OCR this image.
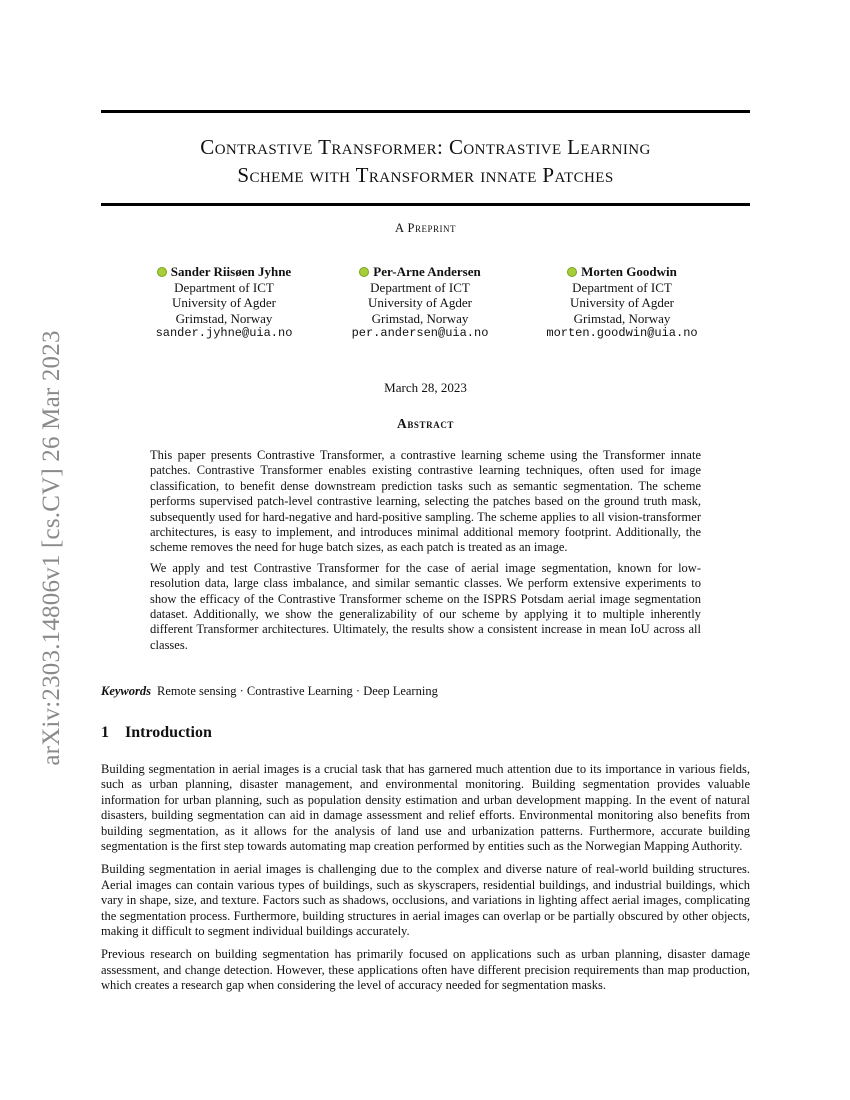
arXiv:2303.14806v1 [cs.CV] 26 Mar 2023
Contrastive Transformer: Contrastive Learning
Scheme with Transformer innate Patches
A Preprint
Sander Riisøen Jyhne
Department of ICT
University of Agder
Grimstad, Norway
sander.jyhne@uia.no
Per-Arne Andersen
Department of ICT
University of Agder
Grimstad, Norway
per.andersen@uia.no
Morten Goodwin
Department of ICT
University of Agder
Grimstad, Norway
morten.goodwin@uia.no
March 28, 2023
Abstract

This paper presents Contrastive Transformer, a contrastive learning scheme using the Transformer innate patches. Contrastive Transformer enables existing contrastive learning techniques, often used for image classification, to benefit dense downstream prediction tasks such as semantic segmentation. The scheme performs supervised patch-level contrastive learning, selecting the patches based on the ground truth mask, subsequently used for hard-negative and hard-positive sampling. The scheme applies to all vision-transformer architectures, is easy to implement, and introduces minimal additional memory footprint. Additionally, the scheme removes the need for huge batch sizes, as each patch is treated as an image.

We apply and test Contrastive Transformer for the case of aerial image segmentation, known for low-resolution data, large class imbalance, and similar semantic classes. We perform extensive experiments to show the efficacy of the Contrastive Transformer scheme on the ISPRS Potsdam aerial image segmentation dataset. Additionally, we show the generalizability of our scheme by applying it to multiple inherently different Transformer architectures. Ultimately, the results show a consistent increase in mean IoU across all classes.

Keywords Remote sensing · Contrastive Learning · Deep Learning
1 Introduction

Building segmentation in aerial images is a crucial task that has garnered much attention due to its importance in various fields, such as urban planning, disaster management, and environmental monitoring. Building segmentation provides valuable information for urban planning, such as population density estimation and urban development mapping. In the event of natural disasters, building segmentation can aid in damage assessment and relief efforts. Environmental monitoring also benefits from building segmentation, as it allows for the analysis of land use and urbanization patterns. Furthermore, accurate building segmentation is the first step towards automating map creation performed by entities such as the Norwegian Mapping Authority.

Building segmentation in aerial images is challenging due to the complex and diverse nature of real-world building structures. Aerial images can contain various types of buildings, such as skyscrapers, residential buildings, and industrial buildings, which vary in shape, size, and texture. Factors such as shadows, occlusions, and variations in lighting affect aerial images, complicating the segmentation process. Furthermore, building structures in aerial images can overlap or be partially obscured by other objects, making it difficult to segment individual buildings accurately.

Previous research on building segmentation has primarily focused on applications such as urban planning, disaster damage assessment, and change detection. However, these applications often have different precision requirements than map production, which creates a research gap when considering the level of accuracy needed for segmentation masks.
